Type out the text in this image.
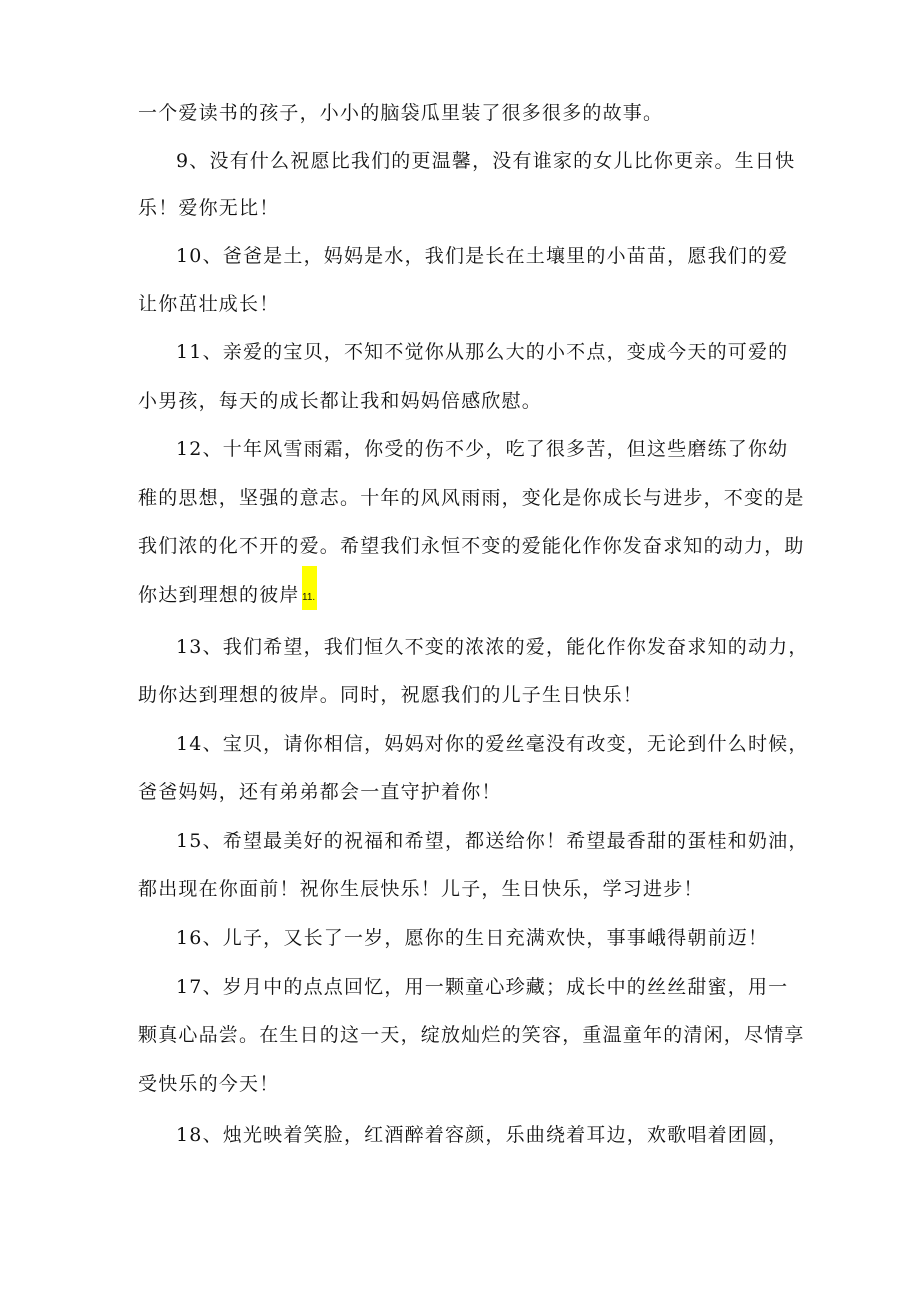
一个爱读书的孩子，小小的脑袋瓜里装了很多很多的故事。
9、没有什么祝愿比我们的更温馨，没有谁家的女儿比你更亲。生日快
乐！爱你无比！
10、爸爸是土，妈妈是水，我们是长在土壤里的小苗苗，愿我们的爱
让你茁壮成长！
11、亲爱的宝贝，不知不觉你从那么大的小不点，变成今天的可爱的
小男孩，每天的成长都让我和妈妈倍感欣慰。
12、十年风雪雨霜，你受的伤不少，吃了很多苦，但这些磨练了你幼
稚的思想，坚强的意志。十年的风风雨雨，变化是你成长与进步，不变的是
我们浓的化不开的爱。希望我们永恒不变的爱能化作你发奋求知的动力，助
你达到理想的彼岸 11.
13、我们希望，我们恒久不变的浓浓的爱，能化作你发奋求知的动力，
助你达到理想的彼岸。同时，祝愿我们的儿子生日快乐！
14、宝贝，请你相信，妈妈对你的爱丝毫没有改变，无论到什么时候，
爸爸妈妈，还有弟弟都会一直守护着你！
15、希望最美好的祝福和希望，都送给你！希望最香甜的蛋桂和奶油，
都出现在你面前！祝你生辰快乐！儿子，生日快乐，学习进步！
16、儿子，又长了一岁，愿你的生日充满欢快，事事峨得朝前迈！
17、岁月中的点点回忆，用一颗童心珍藏；成长中的丝丝甜蜜，用一
颗真心品尝。在生日的这一天，绽放灿烂的笑容，重温童年的清闲，尽情享
受快乐的今天！
18、烛光映着笑脸，红酒醉着容颜，乐曲绕着耳边，欢歌唱着团圆，
